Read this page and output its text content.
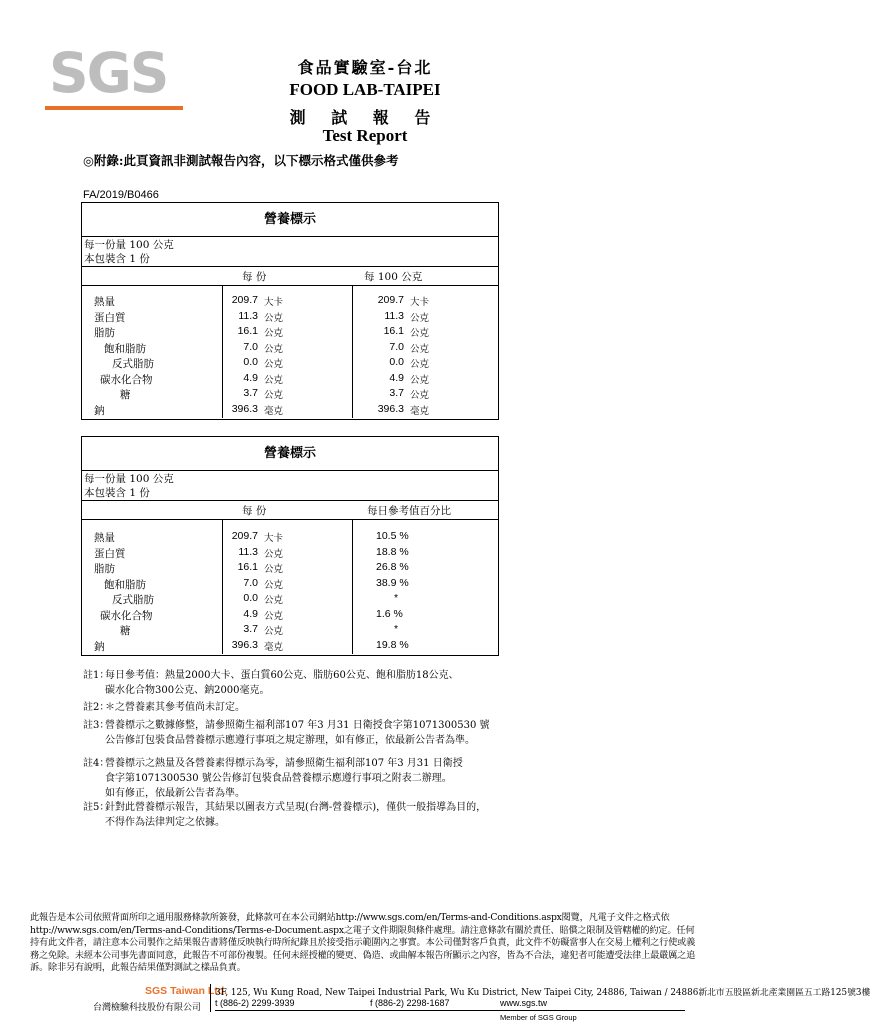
SGS	食品實驗室-台北
FOOD LAB-TAIPEI
測 試 報 告
Test Report
◎附錄:此頁資訊非測試報告內容，以下標示格式僅供參考
FA/2019/B0466
營養標示
每一份量 100 公克
本包裝含 1 份
每 份	每 100 公克
熱量	209.7 大卡	209.7 大卡
蛋白質	11.3 公克	11.3 公克
脂肪	16.1 公克	16.1 公克
飽和脂肪	7.0 公克	7.0 公克
反式脂肪	0.0 公克	0.0 公克
碳水化合物	4.9 公克	4.9 公克
糖	3.7 公克	3.7 公克
鈉	396.3 毫克	396.3 毫克
營養標示
每一份量 100 公克
本包裝含 1 份
每 份	每日參考值百分比
熱量	209.7 大卡	10.5 %
蛋白質	11.3 公克	18.8 %
脂肪	16.1 公克	26.8 %
飽和脂肪	7.0 公克	38.9 %
反式脂肪	0.0 公克	*
碳水化合物	4.9 公克	1.6 %
糖	3.7 公克	*
鈉	396.3 毫克	19.8 %
註1：
每日參考值：熱量2000大卡、蛋白質60公克、脂肪60公克、飽和脂肪18公克、
碳水化合物300公克、鈉2000毫克。
註2：
＊之營養素其參考值尚未訂定。
註3：
營養標示之數據修整，請參照衛生福利部107 年3 月31 日衛授食字第1071300530 號
公告修訂包裝食品營養標示應遵行事項之規定辦理，如有修正，依最新公告者為準。
註4：
營養標示之熱量及各營養素得標示為零，請參照衛生福利部107 年3 月31 日衛授
食字第1071300530 號公告修訂包裝食品營養標示應遵行事項之附表二辦理。
如有修正，依最新公告者為準。
註5：
針對此營養標示報告，其結果以圖表方式呈現(台灣-營養標示)，僅供一般指導為目的，
不得作為法律判定之依據。
此報告是本公司依照背面所印之通用服務條款所簽發，此條款可在本公司網站http://www.sgs.com/en/Terms-and-Conditions.aspx閱覽，凡電子文件之格式依http://www.sgs.com/en/Terms-and-Conditions/Terms-e-Document.aspx之電子文件期限與條件處理。請注意條款有關於責任、賠償之限制及管轄權的約定。任何持有此文件者，請注意本公司製作之結果報告書將僅反映執行時所紀錄且於接受指示範圍內之事實。本公司僅對客戶負責，此文件不妨礙當事人在交易上權利之行使或義務之免除。未經本公司事先書面同意，此報告不可部份複製。任何未經授權的變更、偽造、或曲解本報告所顯示之內容，皆為不合法，違犯者可能遭受法律上最嚴厲之追訴。除非另有說明，此報告結果僅對測試之樣品負責。
SGS Taiwan Ltd.
台灣檢驗科技股份有限公司
3F, 125, Wu Kung Road, New Taipei Industrial Park, Wu Ku District, New Taipei City, 24886, Taiwan / 24886新北市五股區新北產業園區五工路125號3樓
t (886-2) 2299-3939	f (886-2) 2298-1687	www.sgs.tw
Member of SGS Group
